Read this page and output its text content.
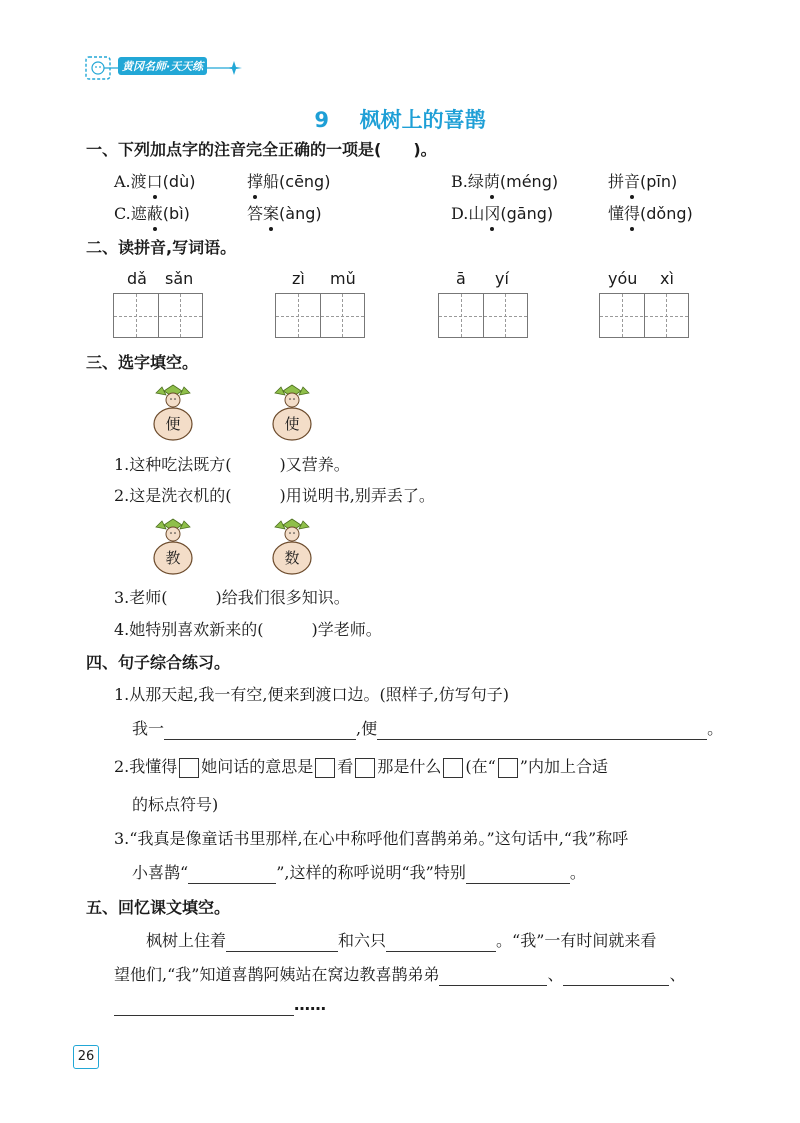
黄冈名师·天天练
9 枫树上的喜鹊
一、下列加点字的注音完全正确的一项是(　　)。
A.渡口(dù)	撑船(cēng)	B.绿荫(méng)	拼音(pīn)
C.遮蔽(bì)	答案(àng)	D.山冈(gāng)	懂得(dǒng)
二、读拼音,写词语。
dǎ sǎn	zì mǔ	ā yí	yóu xì
三、选字填空。
便	使
1.这种吃法既方(　　　)又营养。
2.这是洗衣机的(　　　)用说明书,别弄丢了。
教	数
3.老师(　　　)给我们很多知识。
4.她特别喜欢新来的(　　　)学老师。
四、句子综合练习。
1.从那天起,我一有空,便来到渡口边。(照样子,仿写句子)
我一	,便	。
2.我懂得 她问话的意思是 看 那是什么 (在“ ”内加上合适
的标点符号)
3.“我真是像童话书里那样,在心中称呼他们喜鹊弟弟。”这句话中,“我”称呼
小喜鹊“	”,这样的称呼说明“我”特别	。
五、回忆课文填空。
枫树上住着	和六只	。“我”一有时间就来看
望他们,“我”知道喜鹊阿姨站在窝边教喜鹊弟弟	、	、
……
26
